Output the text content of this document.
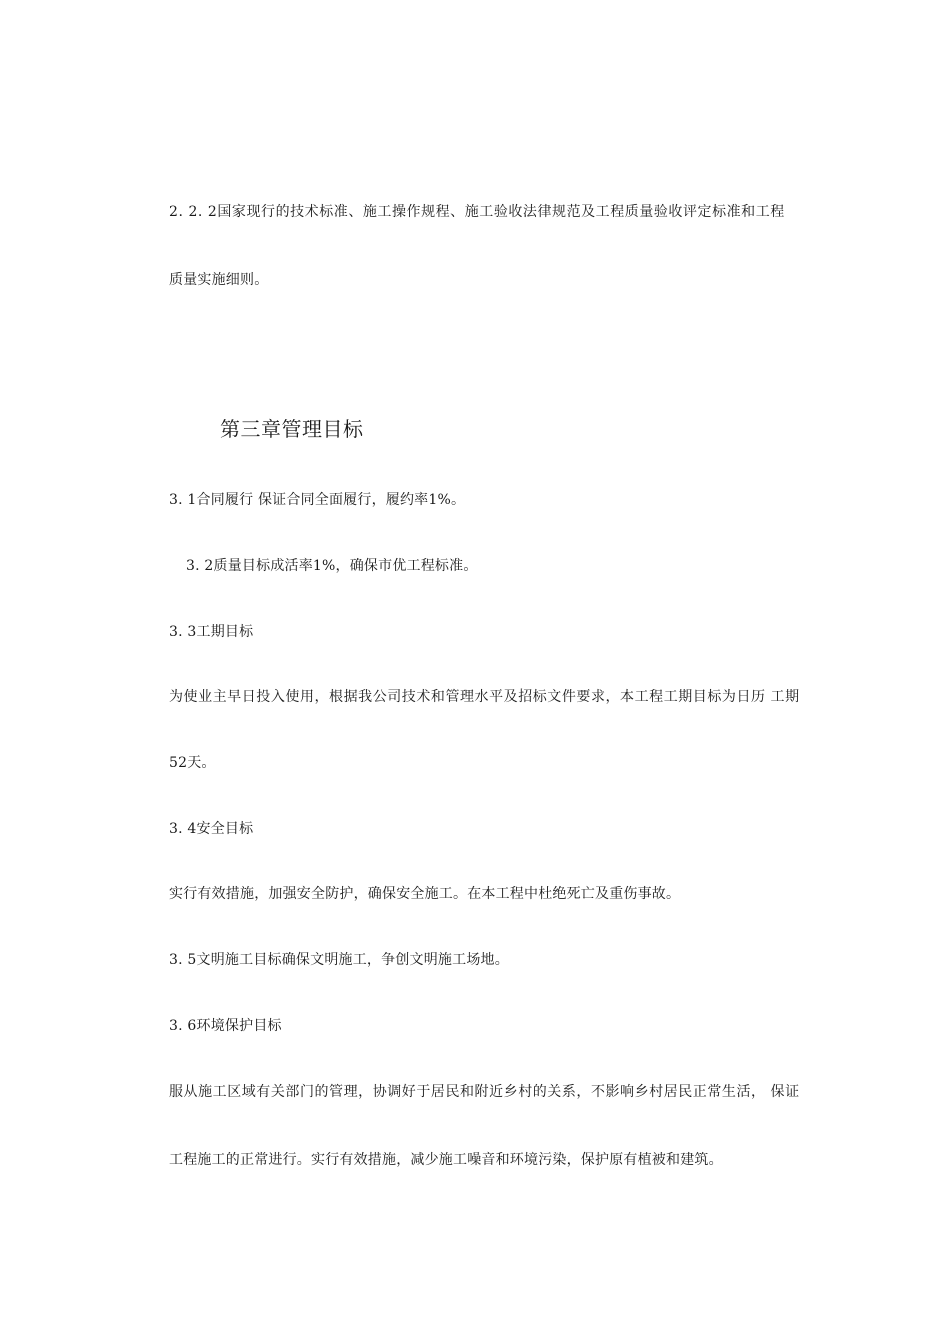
2. 2. 2国家现行的技术标准、施工操作规程、施工验收法律规范及工程质量验收评定标准和工程
质量实施细则。
第三章管理目标
3. 1合同履行 保证合同全面履行，履约率1%。
3. 2质量目标成活率1%，确保市优工程标准。
3. 3工期目标
为使业主早日投入使用，根据我公司技术和管理水平及招标文件要求，本工程工期目标为日历 工期
52天。
3. 4安全目标
实行有效措施，加强安全防护，确保安全施工。在本工程中杜绝死亡及重伤事故。
3. 5文明施工目标确保文明施工，争创文明施工场地。
3. 6环境保护目标
服从施工区域有关部门的管理，协调好于居民和附近乡村的关系，不影响乡村居民正常生活， 保证
工程施工的正常进行。实行有效措施，减少施工噪音和环境污染，保护原有植被和建筑。
